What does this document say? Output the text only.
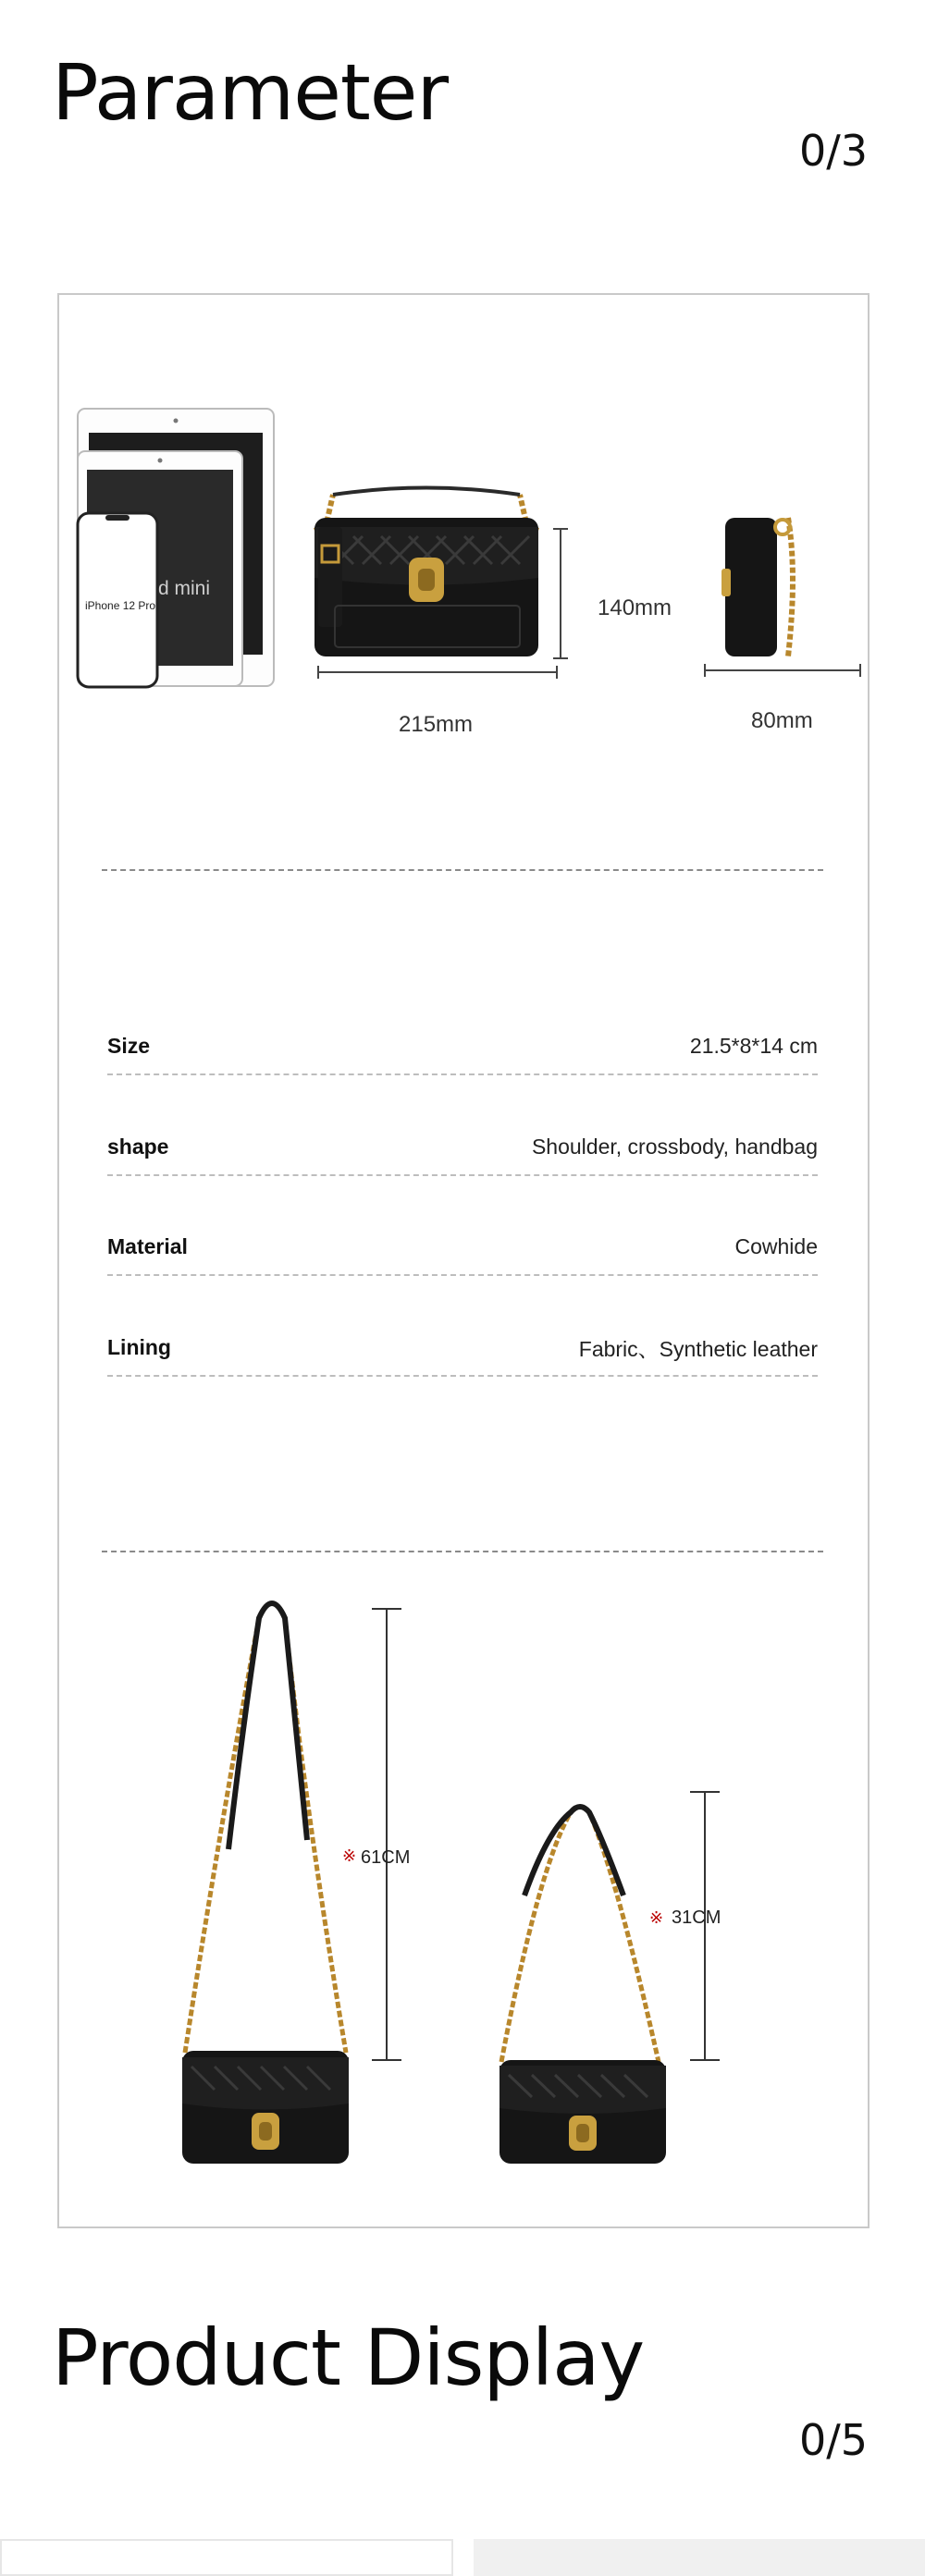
Parameter
0/3
d mini
iPhone 12 Pro	140mm
215mm	80mm
Size	21.5*8*14 cm
shape	Shoulder, crossbody, handbag
Material	Cowhide
Lining	Fabric、Synthetic leather
※
※
61CM
31CM
Product Display
0/5
